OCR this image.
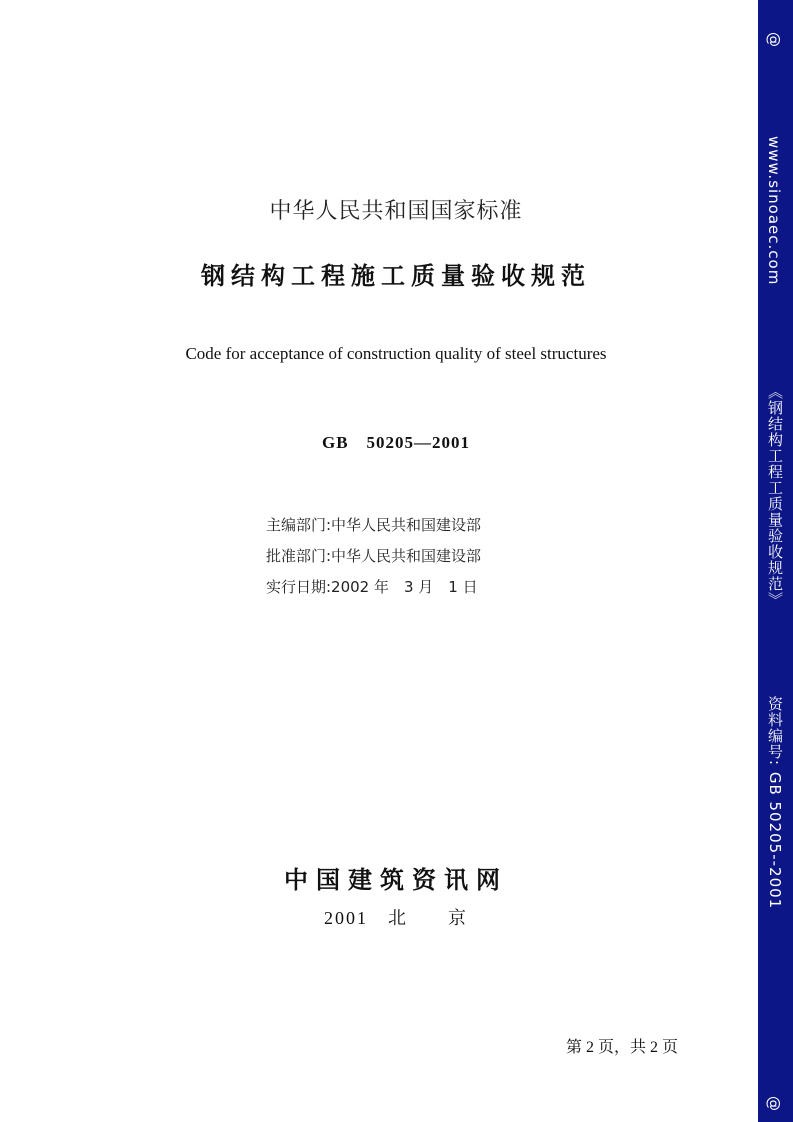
中华人民共和国国家标准
钢结构工程施工质量验收规范
Code for acceptance of construction quality of steel structures
GB　50205—2001
主编部门:中华人民共和国建设部
批准部门:中华人民共和国建设部
实行日期:2002 年　3 月　1 日
中国建筑资讯网
2001　北　　京
第 2 页，共 2 页
@
www.sinoaec.com
《钢结构工程工质量验收规范》
资料编号: GB 50205--2001
@
